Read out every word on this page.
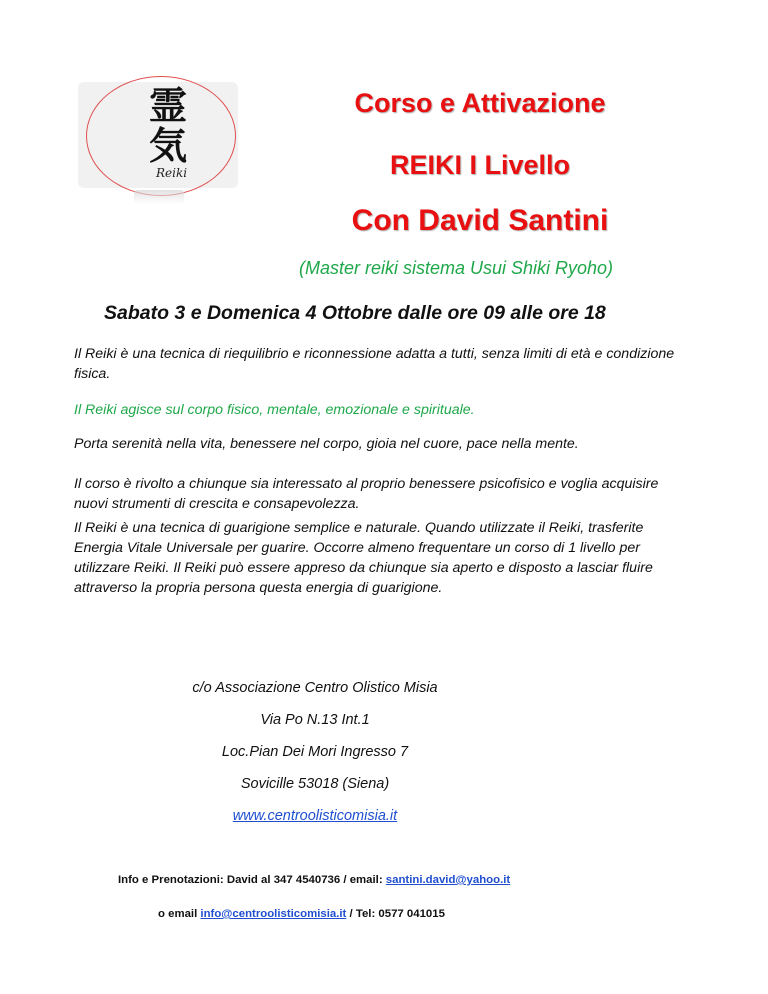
霊
気
Reiki
Corso e Attivazione
REIKI I Livello
Con David Santini
(Master reiki sistema Usui Shiki Ryoho)
Sabato 3 e Domenica 4 Ottobre dalle ore 09 alle ore 18
Il Reiki è una tecnica di riequilibrio e riconnessione adatta a tutti, senza limiti di età e condizione fisica.
Il Reiki agisce sul corpo fisico, mentale, emozionale e spirituale.
Porta serenità nella vita, benessere nel corpo, gioia nel cuore, pace nella mente.
Il corso è rivolto a chiunque sia interessato al proprio benessere psicofisico e voglia acquisire nuovi strumenti di crescita e consapevolezza.
Il Reiki è una tecnica di guarigione semplice e naturale. Quando utilizzate il Reiki, trasferite Energia Vitale Universale per guarire. Occorre almeno frequentare un corso di 1 livello per utilizzare Reiki. Il Reiki può essere appreso da chiunque sia aperto e disposto a lasciar fluire attraverso la propria persona questa energia di guarigione.
c/o Associazione Centro Olistico Misia
Via Po N.13 Int.1
Loc.Pian Dei Mori Ingresso 7
Sovicille 53018 (Siena)
www.centroolisticomisia.it
Info e Prenotazioni: David al 347 4540736 / email: santini.david@yahoo.it
o email info@centroolisticomisia.it / Tel: 0577 041015
